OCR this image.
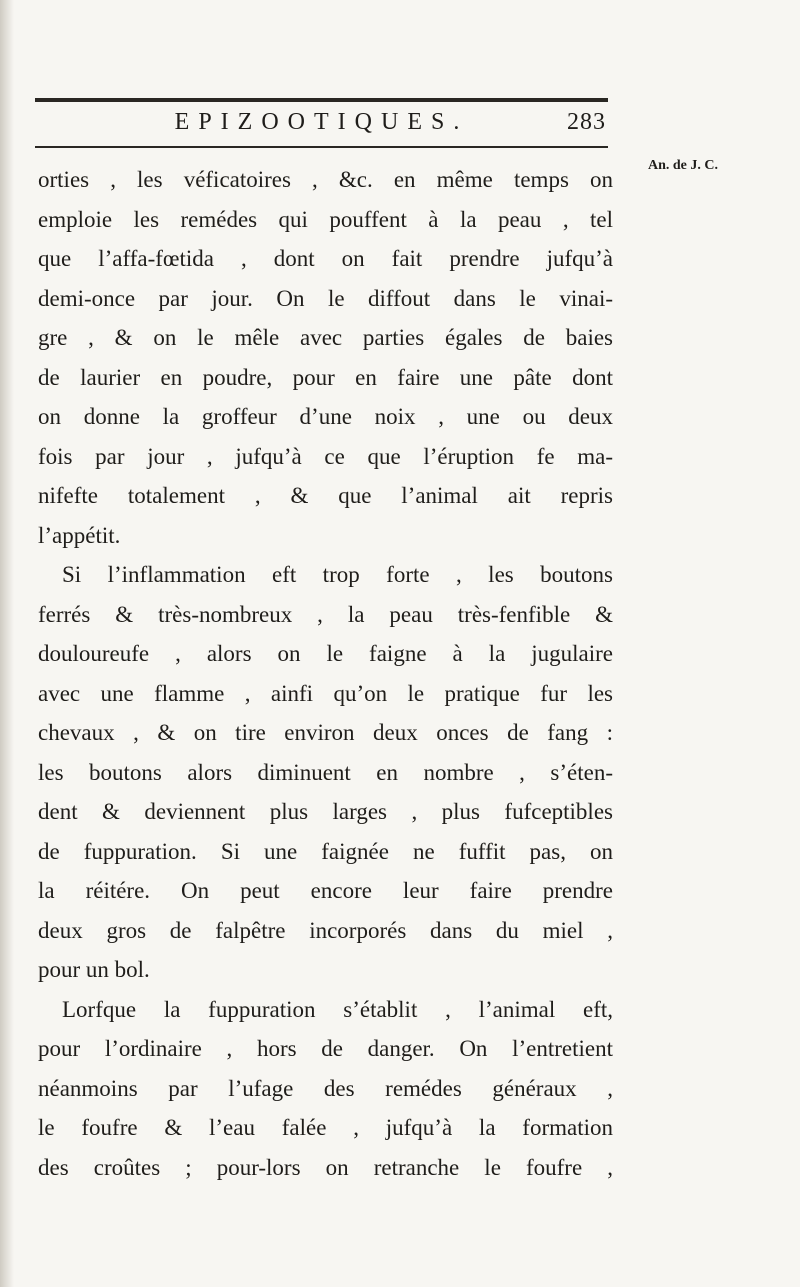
EPIZOOTIQUES.	283
An. de J. C.
orties , les véficatoires , &c. en même temps on
emploie les remédes qui pouffent à la peau , tel
que l’affa-fœtida , dont on fait prendre jufqu’à
demi-once par jour. On le diffout dans le vinai-
gre , & on le mêle avec parties égales de baies
de laurier en poudre, pour en faire une pâte dont
on donne la groffeur d’une noix , une ou deux
fois par jour , jufqu’à ce que l’éruption fe ma-
nifefte totalement , & que l’animal ait repris
l’appétit.
Si l’inflammation eft trop forte , les boutons
ferrés & très-nombreux , la peau très-fenfible &
douloureufe , alors on le faigne à la jugulaire
avec une flamme , ainfi qu’on le pratique fur les
chevaux , & on tire environ deux onces de fang :
les boutons alors diminuent en nombre , s’éten-
dent & deviennent plus larges , plus fufceptibles
de fuppuration. Si une faignée ne fuffit pas, on
la réitére. On peut encore leur faire prendre
deux gros de falpêtre incorporés dans du miel ,
pour un bol.
Lorfque la fuppuration s’établit , l’animal eft,
pour l’ordinaire , hors de danger. On l’entretient
néanmoins par l’ufage des remédes généraux ,
le foufre & l’eau falée , jufqu’à la formation
des croûtes ; pour-lors on retranche le foufre ,
